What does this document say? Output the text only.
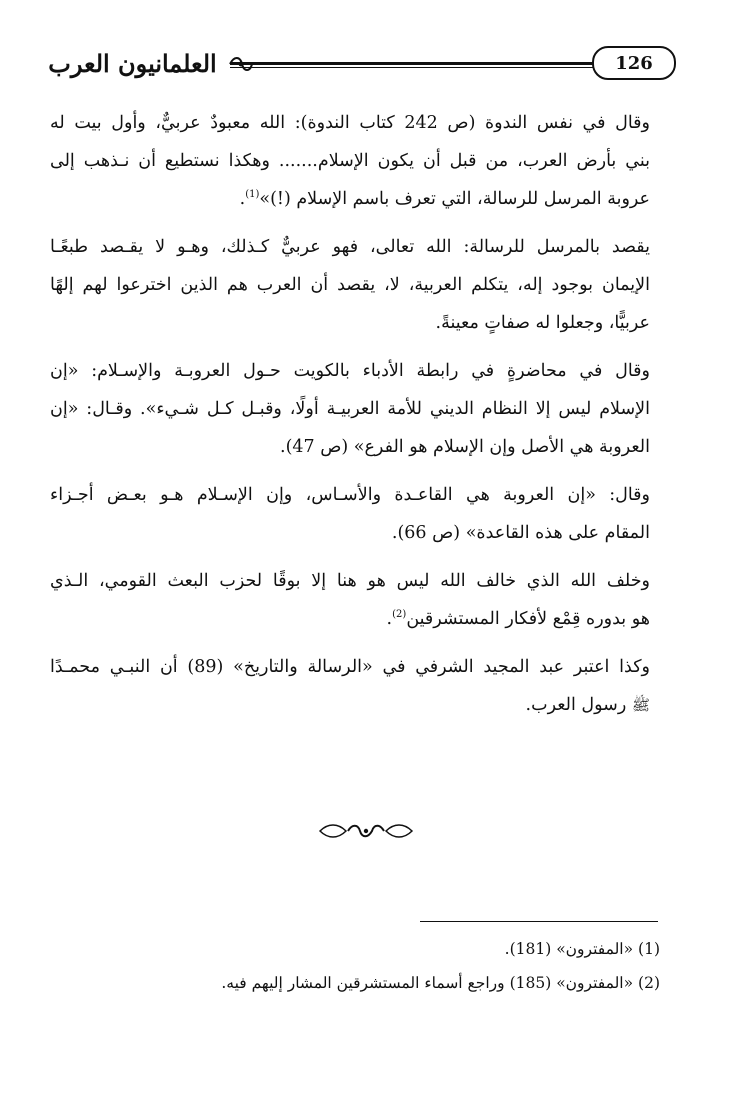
العلمانيون العرب	126

وقال في نفس الندوة (ص 242 كتاب الندوة): الله معبودٌ عربيٌّ، وأول بيت له
بني بأرض العرب، من قبل أن يكون الإسلام....... وهكذا نستطيع أن نـذهب إلى
عروبة المرسل للرسالة، التي تعرف باسم الإسلام (!)»$^{(1)}$.

يقصد بالمرسل للرسالة: الله تعالى، فهو عربيٌّ كـذلك، وهـو لا يقـصد طبعًـا
الإيمان بوجود إله، يتكلم العربية، لا، يقصد أن العرب هم الذين اخترعوا لهم إلهًا
عربيًّا، وجعلوا له صفاتٍ معينةً.

وقال في محاضرةٍ في رابطة الأدباء بالكويت حـول العروبـة والإسـلام: «إن
الإسلام ليس إلا النظام الديني للأمة العربيـة أولًا، وقبـل كـل شـيء». وقـال: «إن
العروبة هي الأصل وإن الإسلام هو الفرع» (ص 47).

وقال: «إن العروبة هي القاعـدة والأسـاس، وإن الإسـلام هـو بعـض أجـزاء
المقام على هذه القاعدة» (ص 66).

وخلف الله الذي خالف الله ليس هو هنا إلا بوقًا لحزب البعث القومي، الـذي
هو بدوره قِمْع لأفكار المستشرقين$^{(2)}$.

وكذا اعتبر عبد المجيد الشرفي في «الرسالة والتاريخ» (89) أن النبـي محمـدًا
ﷺ رسول العرب.

(1) «المفترون» (181).
(2) «المفترون» (185) وراجع أسماء المستشرقين المشار إليهم فيه.
